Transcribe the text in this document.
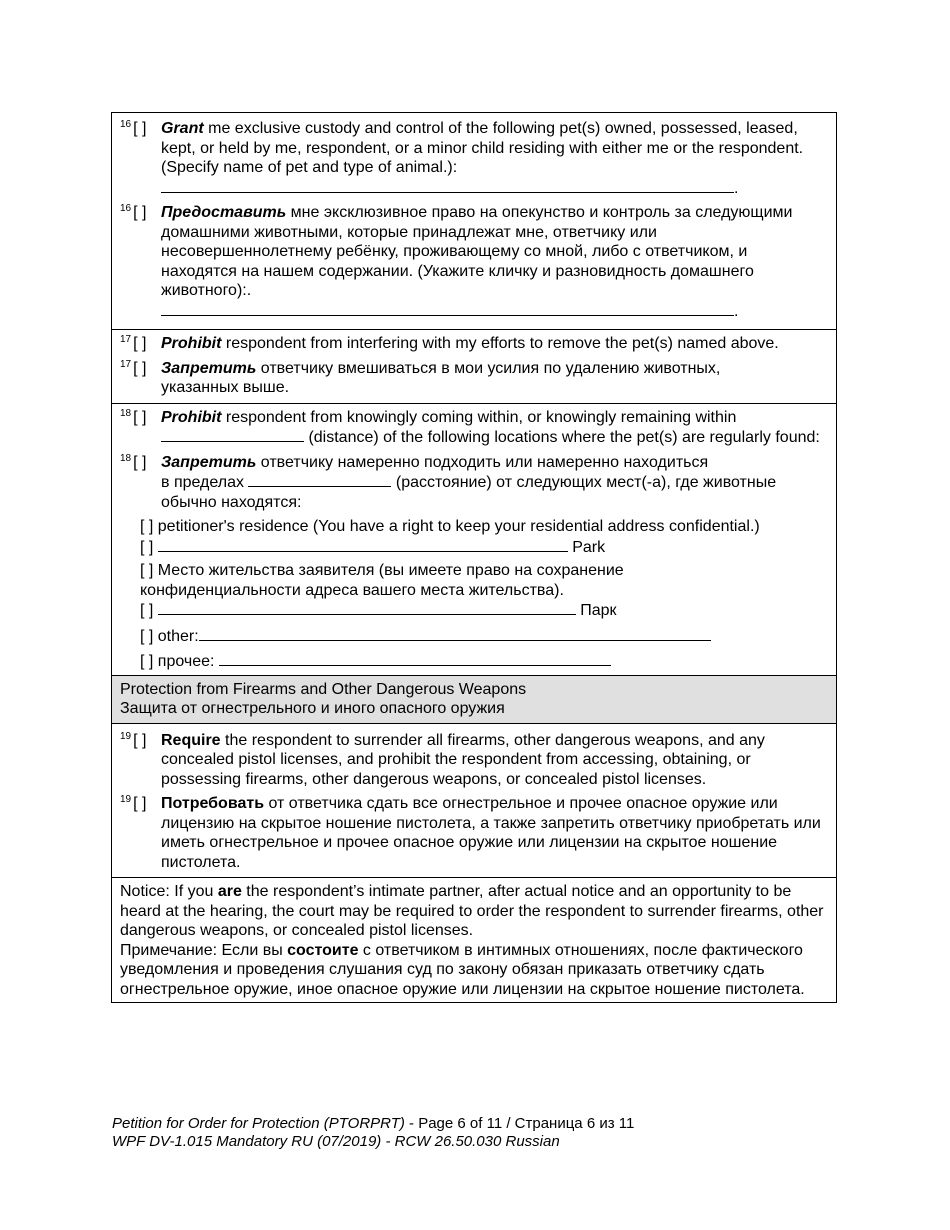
$^{16}$ [ ] Grant me exclusive custody and control of the following pet(s) owned, possessed, leased, kept, or held by me, respondent, or a minor child residing with either me or the respondent. (Specify name of pet and type of animal.):
.
$^{16}$ [ ] Предоставить мне эксклюзивное право на опекунство и контроль за следующими домашними животными, которые принадлежат мне, ответчику или несовершеннолетнему ребёнку, проживающему со мной, либо с ответчиком, и находятся на нашем содержании. (Укажите кличку и разновидность домашнего животного):.
.
$^{17}$ [ ] Prohibit respondent from interfering with my efforts to remove the pet(s) named above.
$^{17}$ [ ] Запретить ответчику вмешиваться в мои усилия по удалению животных, указанных выше.
$^{18}$ [ ] Prohibit respondent from knowingly coming within, or knowingly remaining within  (distance) of the following locations where the pet(s) are regularly found:
$^{18}$ [ ] Запретить ответчику намеренно подходить или намеренно находиться
в пределах	(расстояние) от следующих мест(-а), где животные обычно находятся:
[ ] petitioner's residence (You have a right to keep your residential address confidential.)
[ ]	Park
[ ] Место жительства заявителя (вы имеете право на сохранение конфиденциальности адреса вашего места жительства).
[ ]	Парк
[ ] other:
[ ] прочее:
Protection from Firearms and Other Dangerous Weapons
Защита от огнестрельного и иного опасного оружия
$^{19}$ [ ] Require the respondent to surrender all firearms, other dangerous weapons, and any concealed pistol licenses, and prohibit the respondent from accessing, obtaining, or possessing firearms, other dangerous weapons, or concealed pistol licenses.
$^{19}$ [ ] Потребовать от ответчика сдать все огнестрельное и прочее опасное оружие или лицензию на скрытое ношение пистолета, а также запретить ответчику приобретать или иметь огнестрельное и прочее опасное оружие или лицензии на скрытое ношение пистолета.
Notice: If you are the respondent’s intimate partner, after actual notice and an opportunity to be heard at the hearing, the court may be required to order the respondent to surrender firearms, other dangerous weapons, or concealed pistol licenses.
Примечание: Если вы состоите с ответчиком в интимных отношениях, после фактического уведомления и проведения слушания суд по закону обязан приказать ответчику сдать огнестрельное оружие, иное опасное оружие или лицензии на скрытое ношение пистолета.
Petition for Order for Protection (PTORPRT) - Page 6 of 11 / Страница 6 из 11
WPF DV-1.015 Mandatory RU (07/2019) - RCW 26.50.030 Russian
